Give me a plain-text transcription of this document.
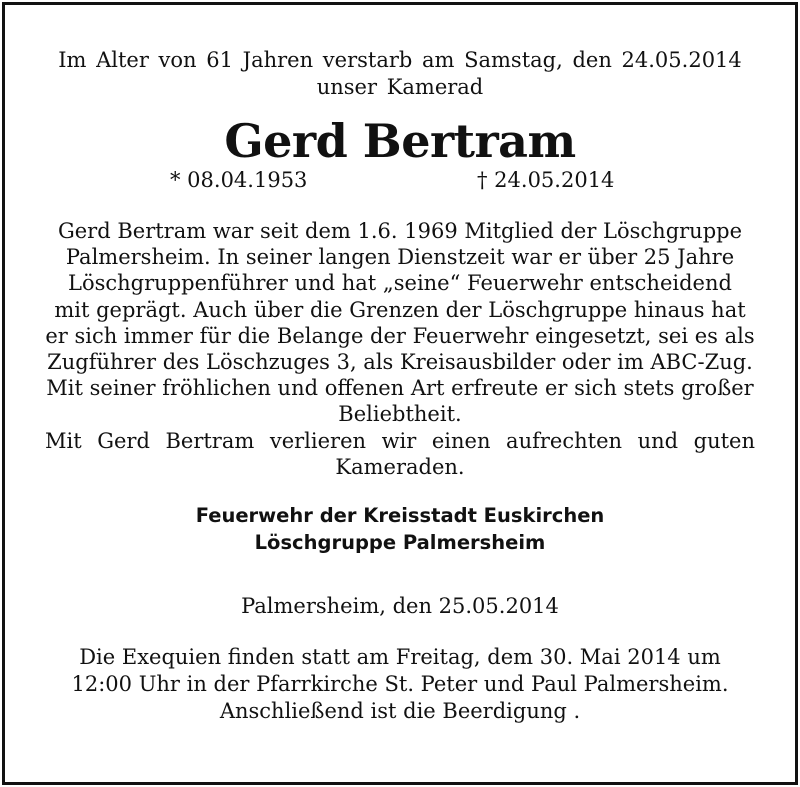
Im Alter von 61 Jahren verstarb am Samstag, den 24.05.2014
unser Kamerad

Gerd Bertram
* 08.04.1953	† 24.05.2014
Gerd Bertram war seit dem 1.6. 1969 Mitglied der Löschgruppe
Palmersheim. In seiner langen Dienstzeit war er über 25 Jahre
Löschgruppenführer und hat „seine“ Feuerwehr entscheidend
mit geprägt. Auch über die Grenzen der Löschgruppe hinaus hat
er sich immer für die Belange der Feuerwehr eingesetzt, sei es als
Zugführer des Löschzuges 3, als Kreisausbilder oder im ABC-Zug.
Mit seiner fröhlichen und offenen Art erfreute er sich stets großer
Beliebtheit.
Mit Gerd Bertram verlieren wir einen aufrechten und guten
Kameraden.
Feuerwehr der Kreisstadt Euskirchen
Löschgruppe Palmersheim
Palmersheim, den 25.05.2014
Die Exequien finden statt am Freitag, dem 30. Mai 2014 um
12:00 Uhr in der Pfarrkirche St. Peter und Paul Palmersheim.
Anschließend ist die Beerdigung .
